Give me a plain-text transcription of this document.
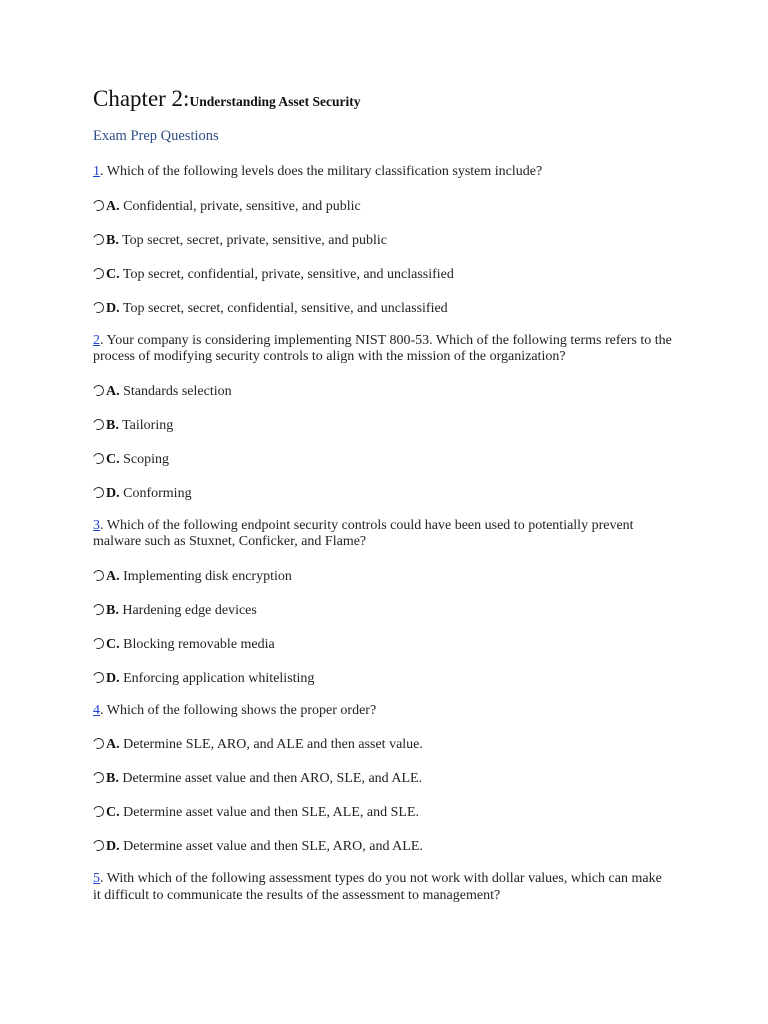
Chapter 2:Understanding Asset Security
Exam Prep Questions
1. Which of the following levels does the military classification system include?
A. Confidential, private, sensitive, and public
B. Top secret, secret, private, sensitive, and public
C. Top secret, confidential, private, sensitive, and unclassified
D. Top secret, secret, confidential, sensitive, and unclassified
2. Your company is considering implementing NIST 800-53. Which of the following terms refers to the process of modifying security controls to align with the mission of the organization?
A. Standards selection
B. Tailoring
C. Scoping
D. Conforming
3. Which of the following endpoint security controls could have been used to potentially prevent malware such as Stuxnet, Conficker, and Flame?
A. Implementing disk encryption
B. Hardening edge devices
C. Blocking removable media
D. Enforcing application whitelisting
4. Which of the following shows the proper order?
A. Determine SLE, ARO, and ALE and then asset value.
B. Determine asset value and then ARO, SLE, and ALE.
C. Determine asset value and then SLE, ALE, and SLE.
D. Determine asset value and then SLE, ARO, and ALE.
5. With which of the following assessment types do you not work with dollar values, which can make it difficult to communicate the results of the assessment to management?
